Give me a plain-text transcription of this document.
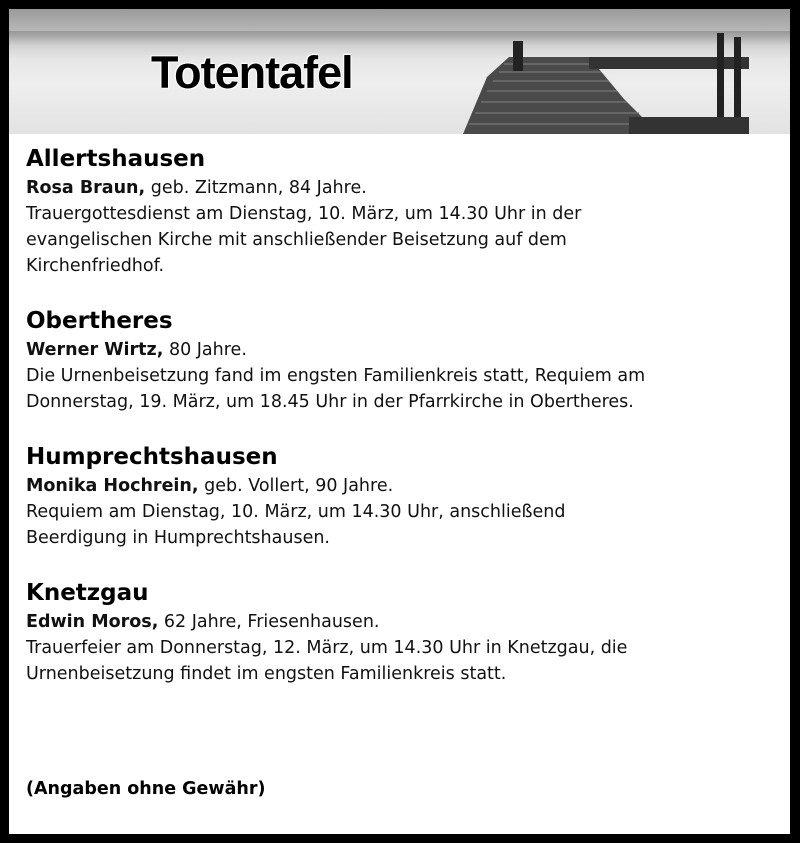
Totentafel
Allertshausen

Rosa Braun, geb. Zitzmann, 84 Jahre.

Trauergottesdienst am Dienstag, 10. März, um 14.30 Uhr in der

evangelischen Kirche mit anschließender Beisetzung auf dem

Kirchenfriedhof.

Obertheres

Werner Wirtz, 80 Jahre.

Die Urnenbeisetzung fand im engsten Familienkreis statt, Requiem am

Donnerstag, 19. März, um 18.45 Uhr in der Pfarrkirche in Obertheres.

Humprechtshausen

Monika Hochrein, geb. Vollert, 90 Jahre.

Requiem am Dienstag, 10. März, um 14.30 Uhr, anschließend

Beerdigung in Humprechtshausen.

Knetzgau

Edwin Moros, 62 Jahre, Friesenhausen.

Trauerfeier am Donnerstag, 12. März, um 14.30 Uhr in Knetzgau, die

Urnenbeisetzung findet im engsten Familienkreis statt.

(Angaben ohne Gewähr)
